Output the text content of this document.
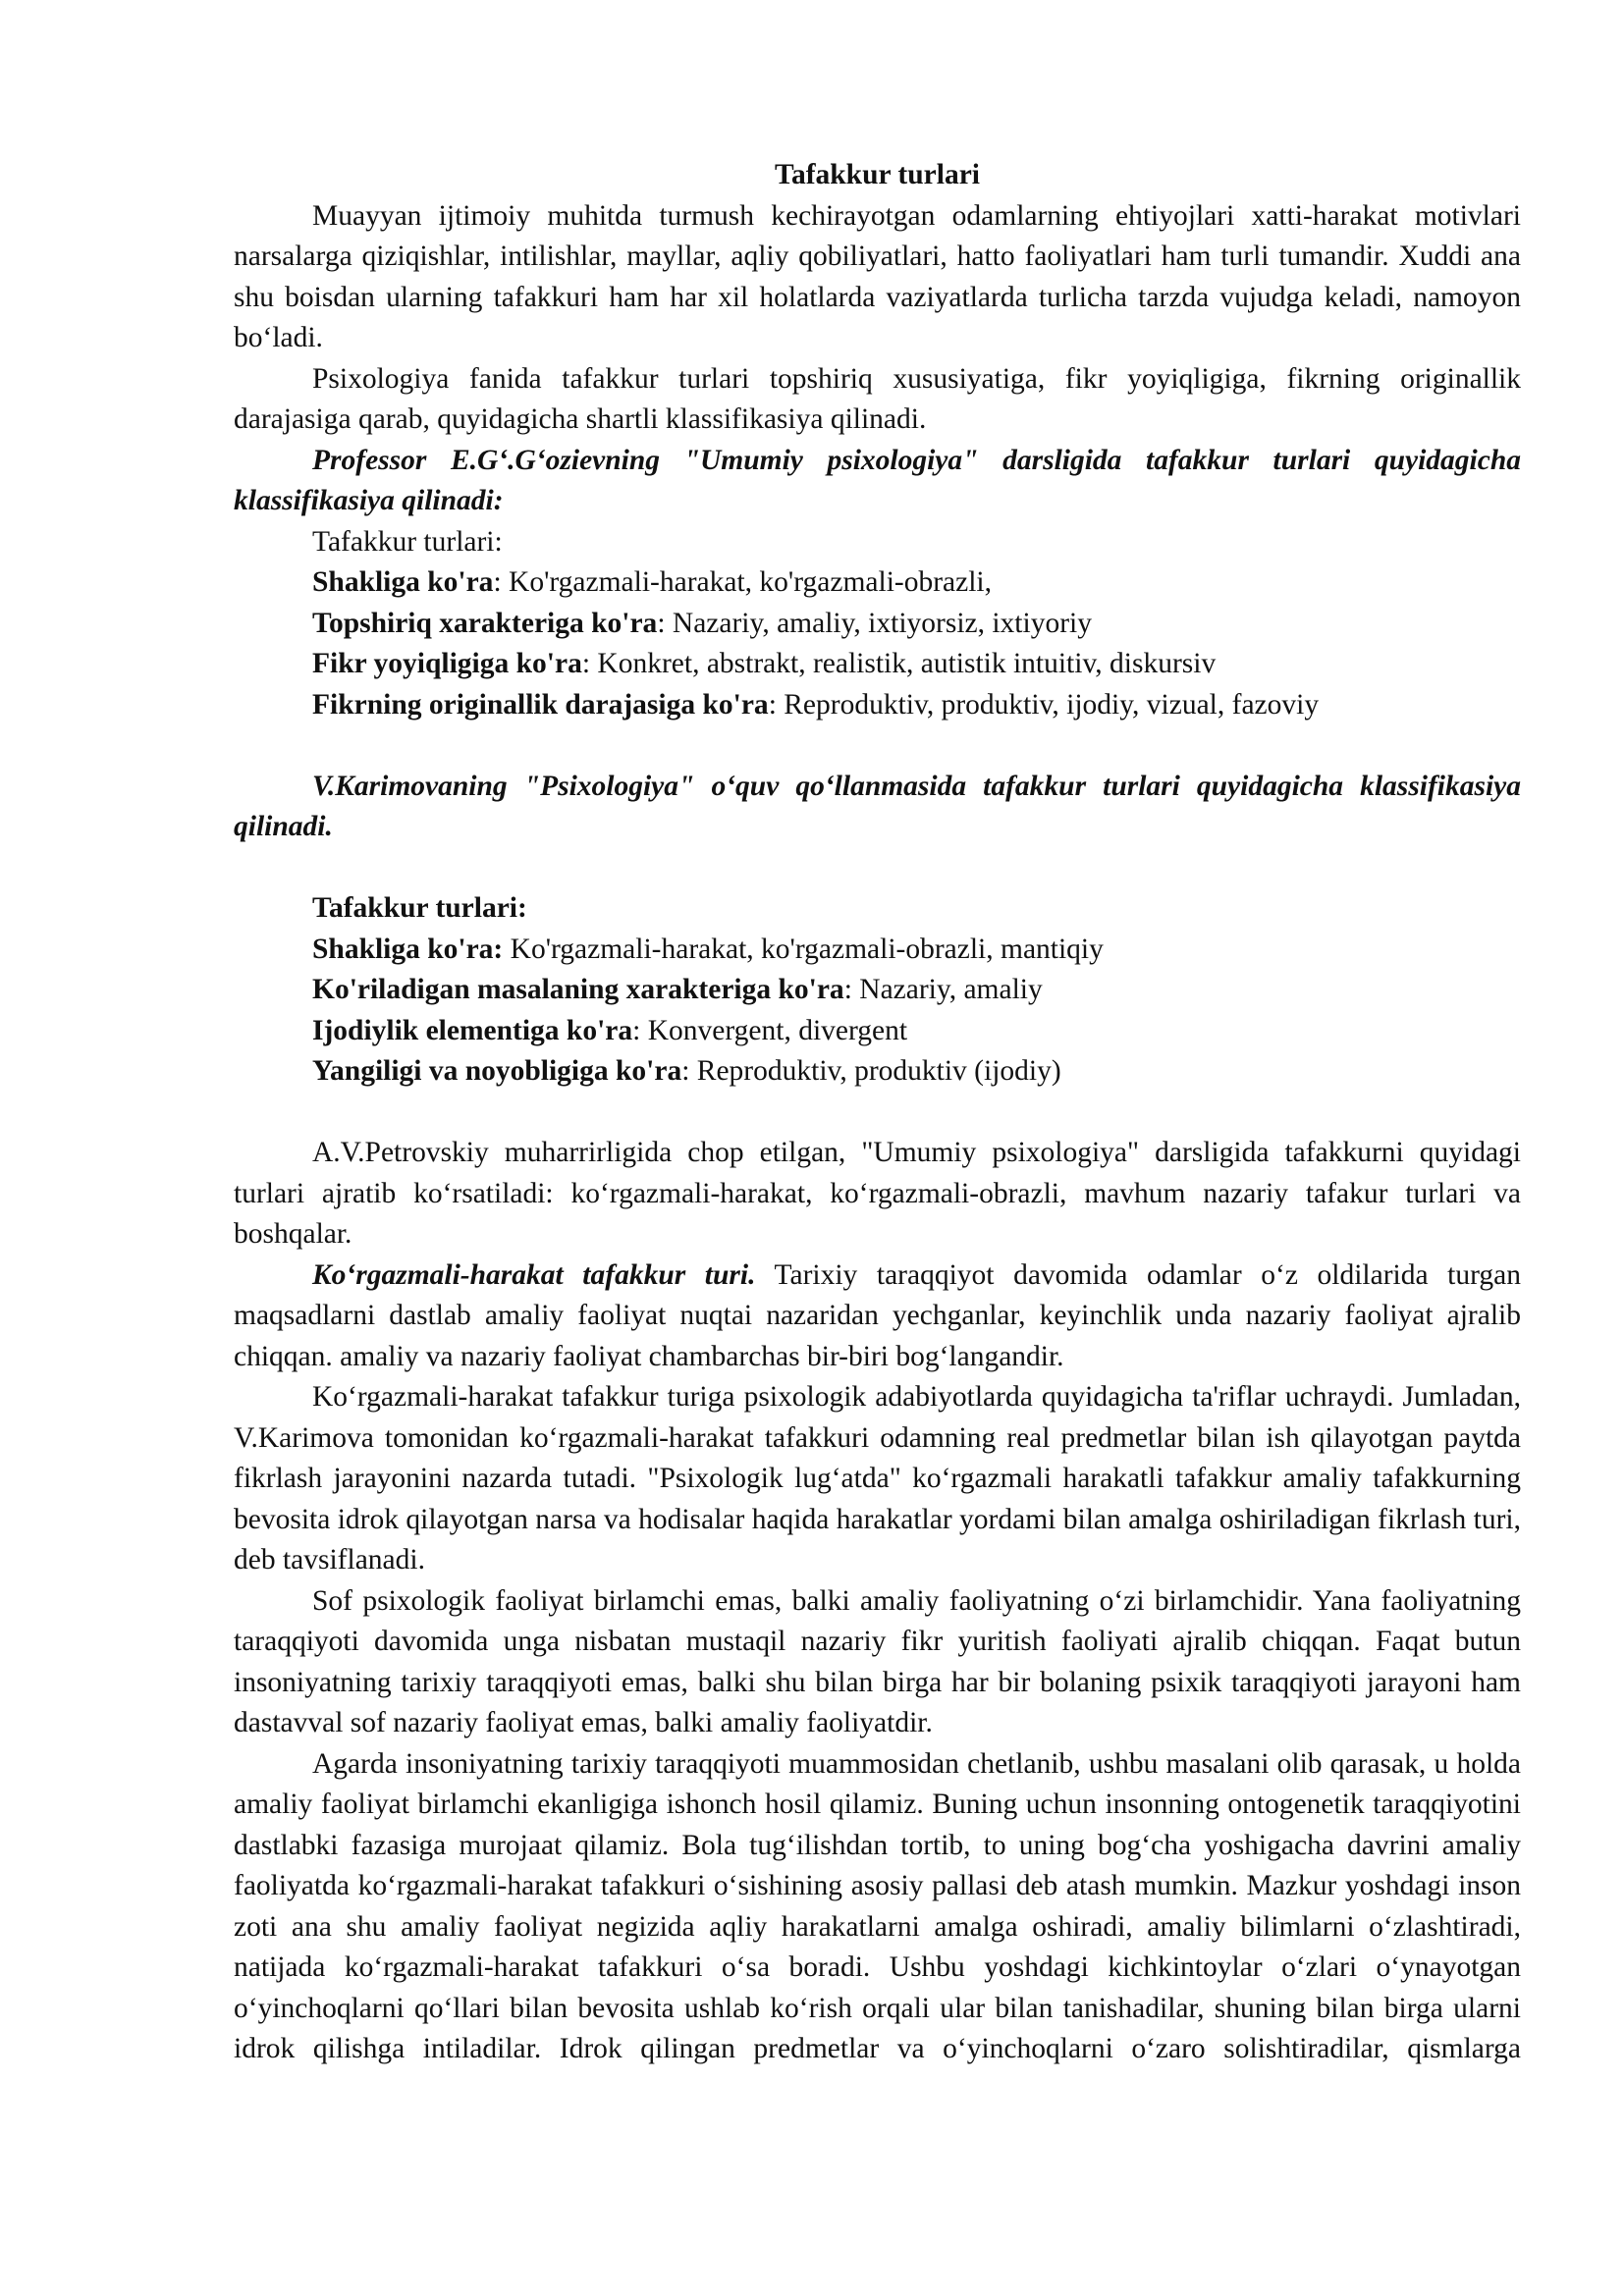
Tafakkur turlari

Muayyan ijtimoiy muhitda turmush kechirayotgan odamlarning ehtiyojlari xatti-harakat motivlari narsalarga qiziqishlar, intilishlar, mayllar, aqliy qobiliyatlari, hatto faoliyatlari ham turli tumandir. Xuddi ana shu boisdan ularning tafakkuri ham har xil holatlarda vaziyatlarda turlicha tarzda vujudga keladi, namoyon bo‘ladi.

Psixologiya fanida tafakkur turlari topshiriq xususiyatiga, fikr yoyiqligiga, fikrning originallik darajasiga qarab, quyidagicha shartli klassifikasiya qilinadi.

Professor E.G‘.G‘ozievning "Umumiy psixologiya" darsligida tafakkur turlari quyidagicha klassifikasiya qilinadi:

Tafakkur turlari:

Shakliga ko'ra: Ko'rgazmali-harakat, ko'rgazmali-obrazli,

Topshiriq xarakteriga ko'ra: Nazariy, amaliy, ixtiyorsiz, ixtiyoriy

Fikr yoyiqligiga ko'ra: Konkret, abstrakt, realistik, autistik intuitiv, diskursiv

Fikrning originallik darajasiga ko'ra: Reproduktiv, produktiv, ijodiy, vizual, fazoviy

V.Karimovaning "Psixologiya" o‘quv qo‘llanmasida tafakkur turlari quyidagicha klassifikasiya qilinadi.

Tafakkur turlari:

Shakliga ko'ra: Ko'rgazmali-harakat, ko'rgazmali-obrazli, mantiqiy

Ko'riladigan masalaning xarakteriga ko'ra: Nazariy, amaliy

Ijodiylik elementiga ko'ra: Konvergent, divergent

Yangiligi va noyobligiga ko'ra: Reproduktiv, produktiv (ijodiy)

A.V.Petrovskiy muharrirligida chop etilgan, "Umumiy psixologiya" darsligida tafakkurni quyidagi turlari ajratib ko‘rsatiladi: ko‘rgazmali-harakat, ko‘rgazmali-obrazli, mavhum nazariy tafakur turlari va boshqalar.

Ko‘rgazmali-harakat tafakkur turi. Tarixiy taraqqiyot davomida odamlar o‘z oldilarida turgan maqsadlarni dastlab amaliy faoliyat nuqtai nazaridan yechganlar, keyinchlik unda nazariy faoliyat ajralib chiqqan. amaliy va nazariy faoliyat chambarchas bir-biri bog‘langandir.

Ko‘rgazmali-harakat tafakkur turiga psixologik adabiyotlarda quyidagicha ta'riflar uchraydi. Jumladan, V.Karimova tomonidan ko‘rgazmali-harakat tafakkuri odamning real predmetlar bilan ish qilayotgan paytda fikrlash jarayonini nazarda tutadi. "Psixologik lug‘atda" ko‘rgazmali harakatli tafakkur amaliy tafakkurning bevosita idrok qilayotgan narsa va hodisalar haqida harakatlar yordami bilan amalga oshiriladigan fikrlash turi, deb tavsiflanadi.

Sof psixologik faoliyat birlamchi emas, balki amaliy faoliyatning o‘zi birlamchidir. Yana faoliyatning taraqqiyoti davomida unga nisbatan mustaqil nazariy fikr yuritish faoliyati ajralib chiqqan. Faqat butun insoniyatning tarixiy taraqqiyoti emas, balki shu bilan birga har bir bolaning psixik taraqqiyoti jarayoni ham dastavval sof nazariy faoliyat emas, balki amaliy faoliyatdir.

Agarda insoniyatning tarixiy taraqqiyoti muammosidan chetlanib, ushbu masalani olib qarasak, u holda amaliy faoliyat birlamchi ekanligiga ishonch hosil qilamiz. Buning uchun insonning ontogenetik taraqqiyotini dastlabki fazasiga murojaat qilamiz. Bola tug‘ilishdan tortib, to uning bog‘cha yoshigacha davrini amaliy faoliyatda ko‘rgazmali-harakat tafakkuri o‘sishining asosiy pallasi deb atash mumkin. Mazkur yoshdagi inson zoti ana shu amaliy faoliyat negizida aqliy harakatlarni amalga oshiradi, amaliy bilimlarni o‘zlashtiradi, natijada ko‘rgazmali-harakat tafakkuri o‘sa boradi. Ushbu yoshdagi kichkintoylar o‘zlari o‘ynayotgan o‘yinchoqlarni qo‘llari bilan bevosita ushlab ko‘rish orqali ular bilan tanishadilar, shuning bilan birga ularni idrok qilishga intiladilar. Idrok qilingan predmetlar va o‘yinchoqlarni o‘zaro solishtiradilar, qismlarga
